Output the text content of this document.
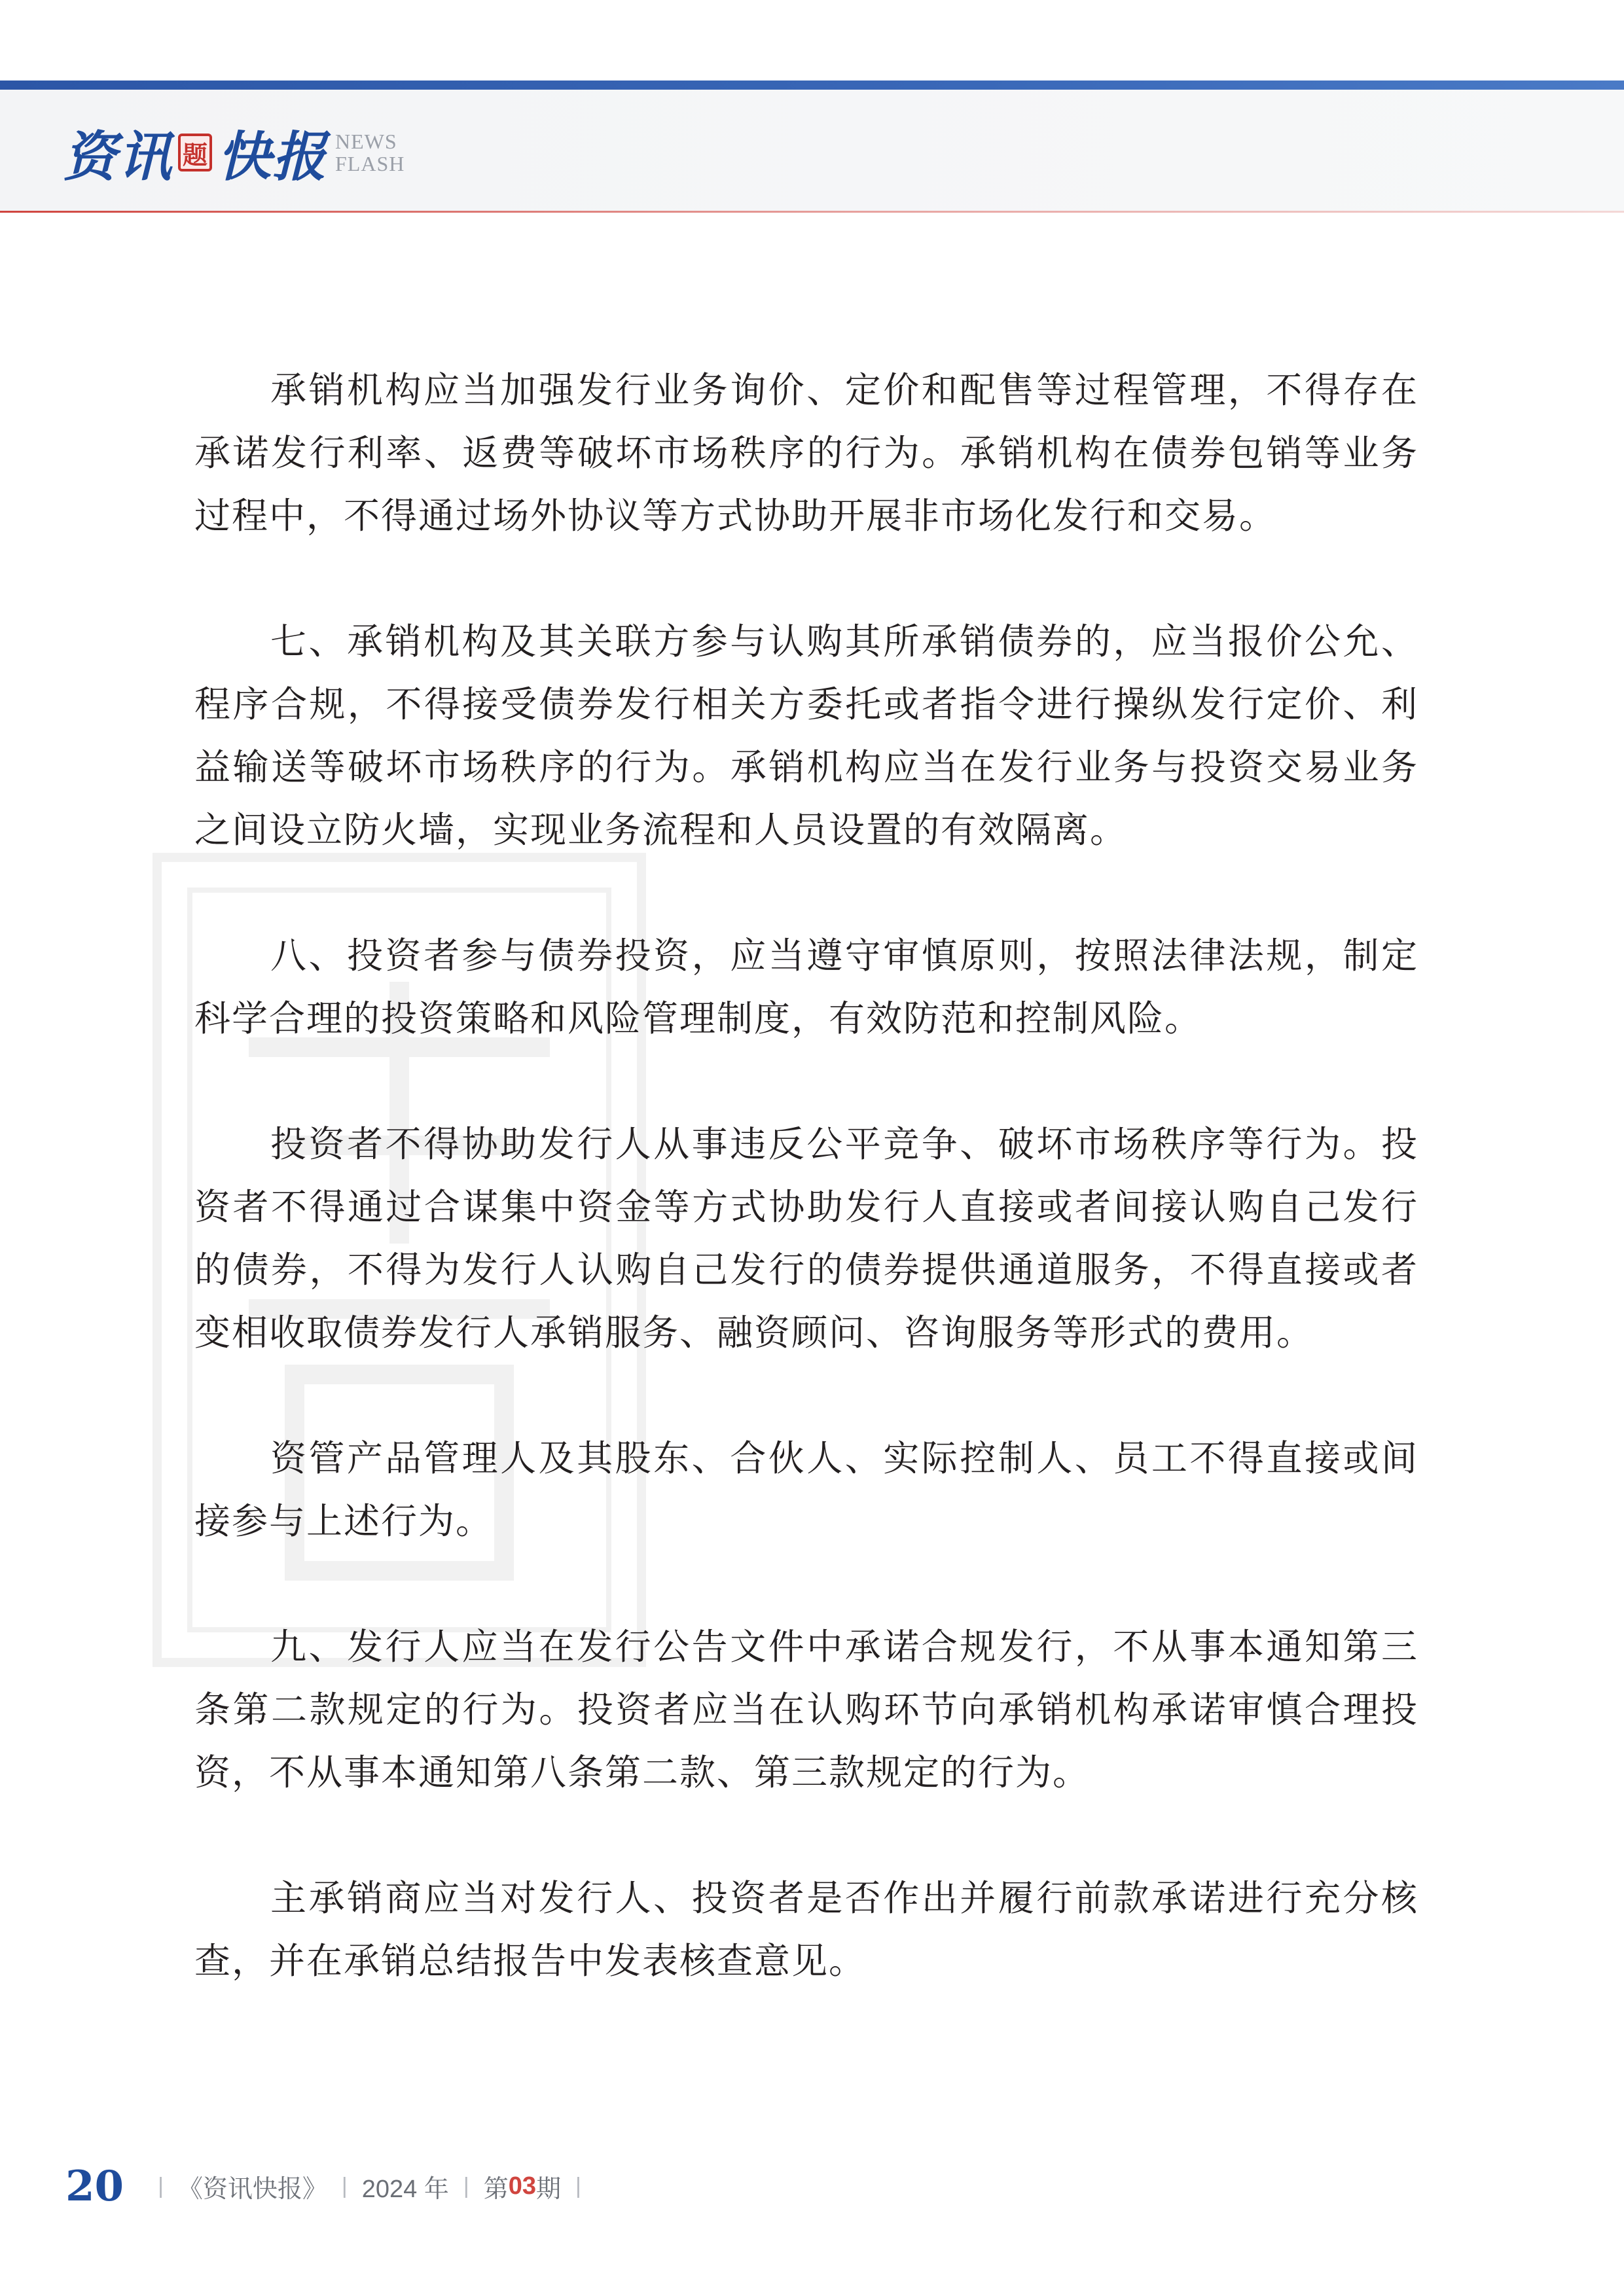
资讯 题 快报 NEWS
FLASH

承销机构应当加强发行业务询价、定价和配售等过程管理，不得存在承诺发行利率、返费等破坏市场秩序的行为。承销机构在债券包销等业务过程中，不得通过场外协议等方式协助开展非市场化发行和交易。

七、承销机构及其关联方参与认购其所承销债券的，应当报价公允、程序合规，不得接受债券发行相关方委托或者指令进行操纵发行定价、利益输送等破坏市场秩序的行为。承销机构应当在发行业务与投资交易业务之间设立防火墙，实现业务流程和人员设置的有效隔离。

八、投资者参与债券投资，应当遵守审慎原则，按照法律法规，制定科学合理的投资策略和风险管理制度，有效防范和控制风险。

投资者不得协助发行人从事违反公平竞争、破坏市场秩序等行为。投资者不得通过合谋集中资金等方式协助发行人直接或者间接认购自己发行的债券，不得为发行人认购自己发行的债券提供通道服务，不得直接或者变相收取债券发行人承销服务、融资顾问、咨询服务等形式的费用。

资管产品管理人及其股东、合伙人、实际控制人、员工不得直接或间接参与上述行为。

九、发行人应当在发行公告文件中承诺合规发行，不从事本通知第三条第二款规定的行为。投资者应当在认购环节向承销机构承诺审慎合理投资，不从事本通知第八条第二款、第三款规定的行为。

主承销商应当对发行人、投资者是否作出并履行前款承诺进行充分核查，并在承销总结报告中发表核查意见。

20 | 《资讯快报》 | 2024 年 | 第 03 期 |
